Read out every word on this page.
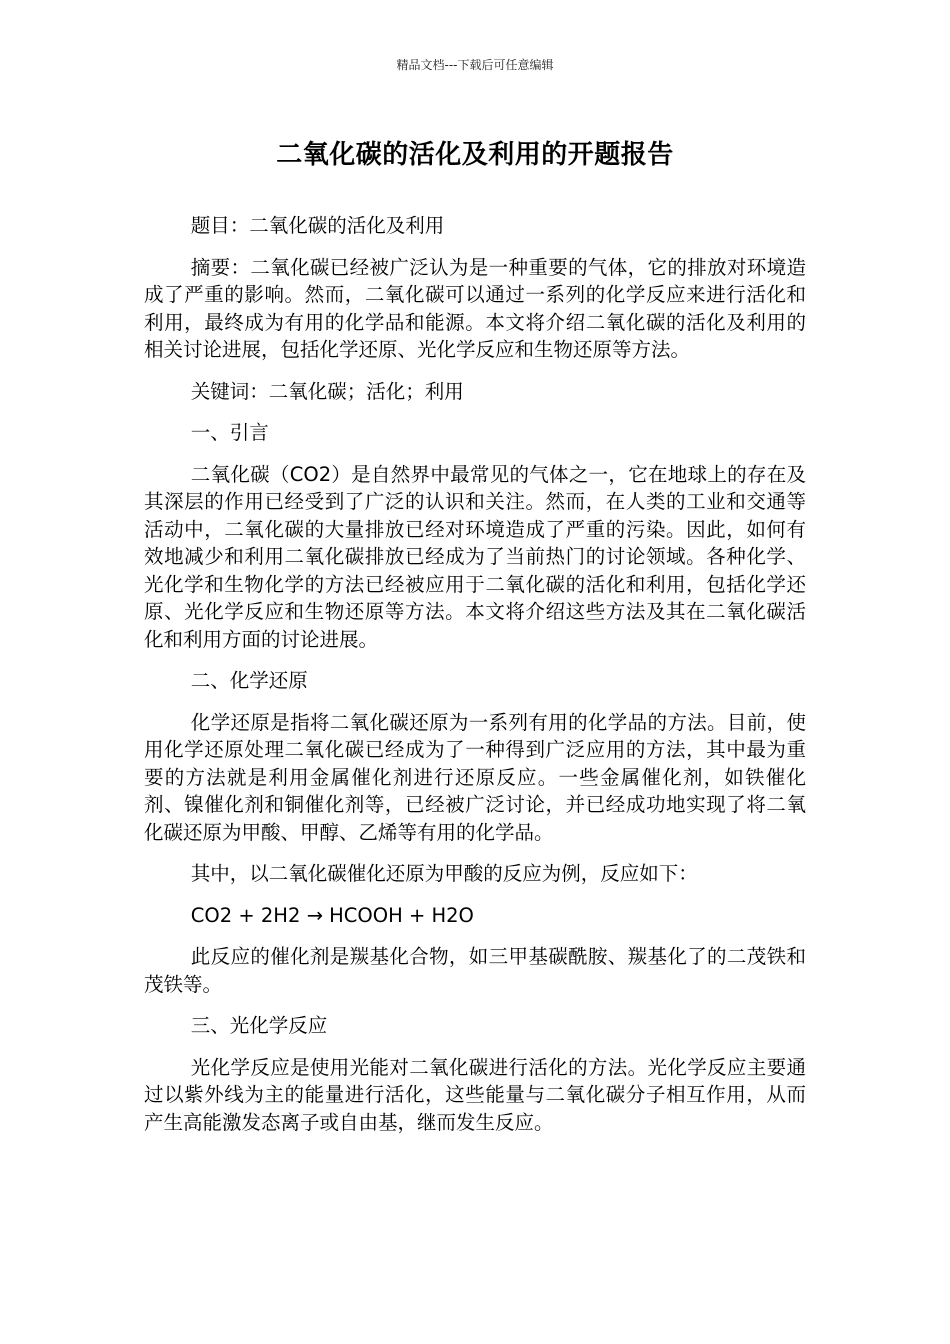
精品文档---下载后可任意编辑
二氧化碳的活化及利用的开题报告

题目：二氧化碳的活化及利用

摘要：二氧化碳已经被广泛认为是一种重要的气体，它的排放对环境造成了严重的影响。然而，二氧化碳可以通过一系列的化学反应来进行活化和利用，最终成为有用的化学品和能源。本文将介绍二氧化碳的活化及利用的相关讨论进展，包括化学还原、光化学反应和生物还原等方法。

关键词：二氧化碳；活化；利用

一、引言

二氧化碳（CO2）是自然界中最常见的气体之一，它在地球上的存在及其深层的作用已经受到了广泛的认识和关注。然而，在人类的工业和交通等活动中，二氧化碳的大量排放已经对环境造成了严重的污染。因此，如何有效地减少和利用二氧化碳排放已经成为了当前热门的讨论领域。各种化学、光化学和生物化学的方法已经被应用于二氧化碳的活化和利用，包括化学还原、光化学反应和生物还原等方法。本文将介绍这些方法及其在二氧化碳活化和利用方面的讨论进展。

二、化学还原

化学还原是指将二氧化碳还原为一系列有用的化学品的方法。目前，使用化学还原处理二氧化碳已经成为了一种得到广泛应用的方法，其中最为重要的方法就是利用金属催化剂进行还原反应。一些金属催化剂，如铁催化剂、镍催化剂和铜催化剂等，已经被广泛讨论，并已经成功地实现了将二氧化碳还原为甲酸、甲醇、乙烯等有用的化学品。

其中，以二氧化碳催化还原为甲酸的反应为例，反应如下：

CO2 + 2H2 → HCOOH + H2O

此反应的催化剂是羰基化合物，如三甲基碳酰胺、羰基化了的二茂铁和茂铁等。

三、光化学反应

光化学反应是使用光能对二氧化碳进行活化的方法。光化学反应主要通过以紫外线为主的能量进行活化，这些能量与二氧化碳分子相互作用，从而产生高能激发态离子或自由基，继而发生反应。
